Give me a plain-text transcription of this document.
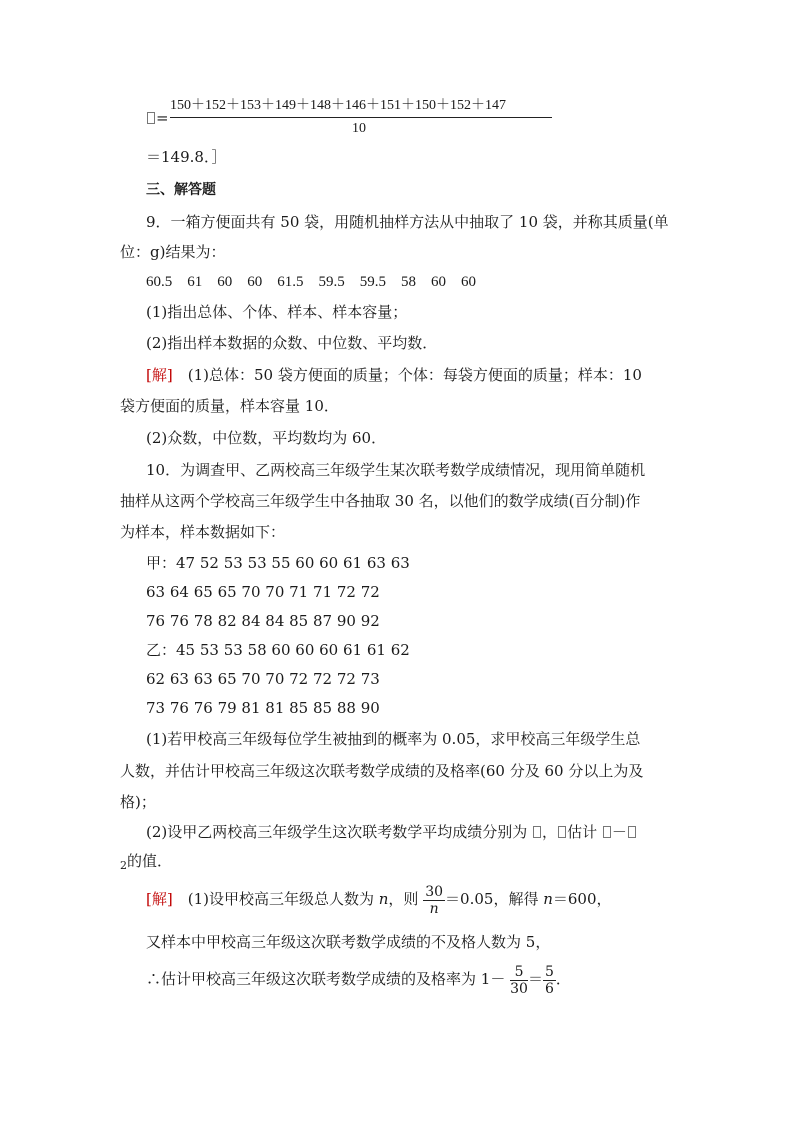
=
150＋152＋153＋149＋148＋146＋151＋150＋152＋147
10
＝149.8．］
三、解答题
9．一箱方便面共有 50 袋，用随机抽样方法从中抽取了 10 袋，并称其质量(单
位：g)结果为：
60.5　61　60　60　61.5　59.5　59.5　58　60　60
(1)指出总体、个体、样本、样本容量；
(2)指出样本数据的众数、中位数、平均数．
[解]　(1)总体：50 袋方便面的质量；个体：每袋方便面的质量；样本：10
袋方便面的质量，样本容量 10．
(2)众数，中位数，平均数均为 60．
10．为调查甲、乙两校高三年级学生某次联考数学成绩情况，现用简单随机
抽样从这两个学校高三年级学生中各抽取 30 名，以他们的数学成绩(百分制)作
为样本，样本数据如下：
甲：47 52 53 53 55 60 60 61 63 63
63 64 65 65 70 70 71 71 72 72
76 76 78 82 84 84 85 87 90 92
乙：45 53 53 58 60 60 60 61 61 62
62 63 63 65 70 70 72 72 72 73
73 76 76 79 81 81 85 85 88 90
(1)若甲校高三年级每位学生被抽到的概率为 0.05，求甲校高三年级学生总
人数，并估计甲校高三年级这次联考数学成绩的及格率(60 分及 60 分以上为及
格)；
(2)设甲乙两校高三年级学生这次联考数学平均成绩分别为 ， 估计 －
$_2$的值．
[解]　(1)设甲校高三年级总人数为 n，则 $\frac{30}{n} =0.05$，解得 n＝600，
又样本中甲校高三年级这次联考数学成绩的不及格人数为 5，
∴估计甲校高三年级这次联考数学成绩的及格率为 $1- \frac{5}{30} = \frac{5}{6}$ ．
